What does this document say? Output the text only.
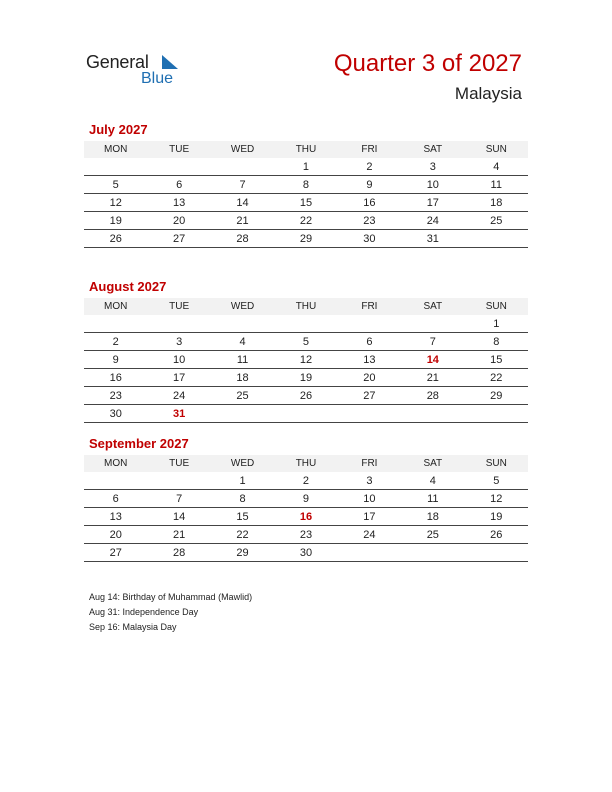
General
Blue
Quarter 3 of 2027
Malaysia
July 2027
MON	TUE	WED	THU	FRI	SAT	SUN
			1	2	3	4
5	6	7	8	9	10	11
12	13	14	15	16	17	18
19	20	21	22	23	24	25
26	27	28	29	30	31	
August 2027
MON	TUE	WED	THU	FRI	SAT	SUN
						1
2	3	4	5	6	7	8
9	10	11	12	13	14	15
16	17	18	19	20	21	22
23	24	25	26	27	28	29
30	31					
September 2027
MON	TUE	WED	THU	FRI	SAT	SUN
		1	2	3	4	5
6	7	8	9	10	11	12
13	14	15	16	17	18	19
20	21	22	23	24	25	26
27	28	29	30			
Aug 14: Birthday of Muhammad (Mawlid)
Aug 31: Independence Day
Sep 16: Malaysia Day
